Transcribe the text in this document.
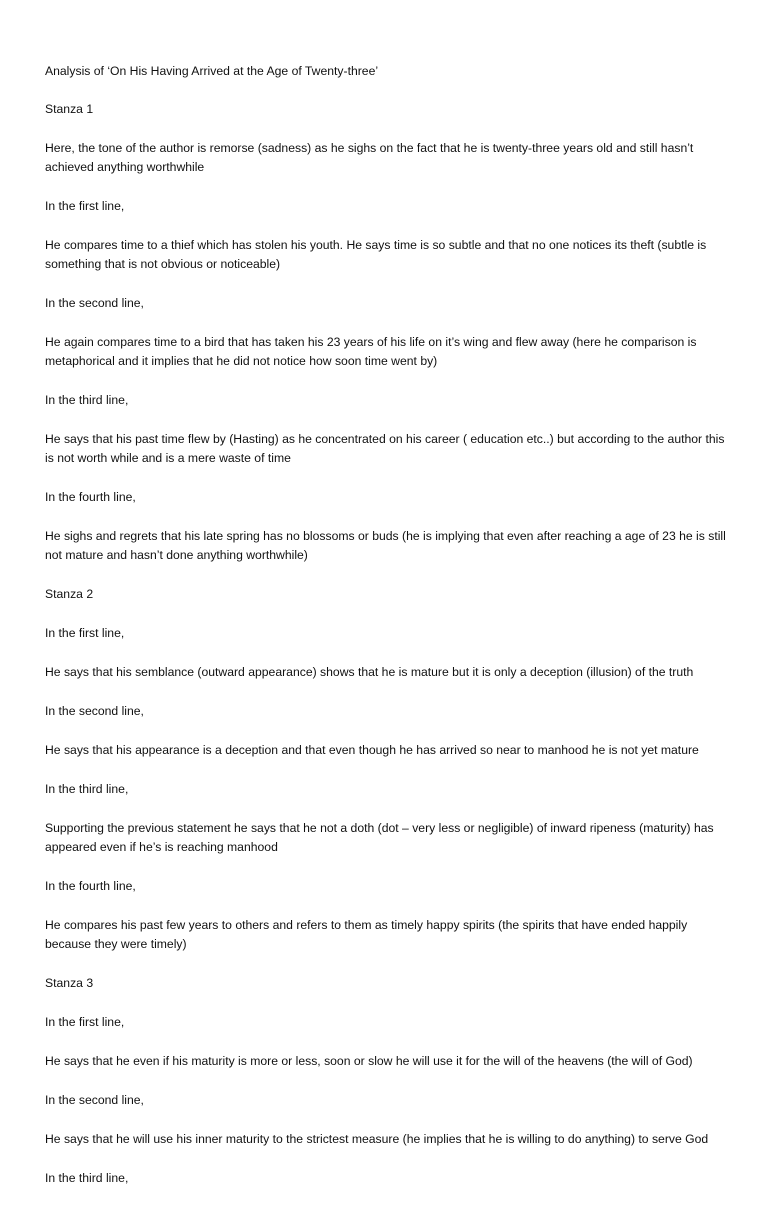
Analysis of ‘On His Having Arrived at the Age of Twenty-three’
Stanza 1
Here, the tone of the author is remorse (sadness) as he sighs on the fact that he is twenty-three years old and still hasn’t achieved anything worthwhile
In the first line,
He compares time to a thief which has stolen his youth. He says time is so subtle and that no one notices its theft (subtle is something that is not obvious or noticeable)
In the second line,
He again compares time to a bird that has taken his 23 years of his life on it’s wing and flew away (here he comparison is metaphorical and it implies that he did not notice how soon time went by)
In the third line,
He says that his past time flew by (Hasting) as he concentrated on his career ( education etc..) but according to the author this is not worth while and is a mere waste of time
In the fourth line,
He sighs and regrets that his late spring has no blossoms or buds (he is implying that even after reaching a age of 23 he is still not mature and hasn’t done anything worthwhile)
Stanza 2
In the first line,
He says that his semblance (outward appearance) shows that he is mature but it is only a deception (illusion) of the truth
In the second line,
He says that his appearance is a deception and that even though he has arrived so near to manhood he is not yet mature
In the third line,
Supporting the previous statement he says that he not a doth (dot – very less or negligible) of inward ripeness (maturity) has appeared even if he’s is reaching manhood
In the fourth line,
He compares his past few years to others and refers to them as timely happy spirits (the spirits that have ended happily because they were timely)
Stanza 3
In the first line,
He says that he even if his maturity is more or less, soon or slow he will use it for the will of the heavens (the will of God)
In the second line,
He says that he will use his inner maturity to the strictest measure (he implies that he is willing to do anything) to serve God
In the third line,
